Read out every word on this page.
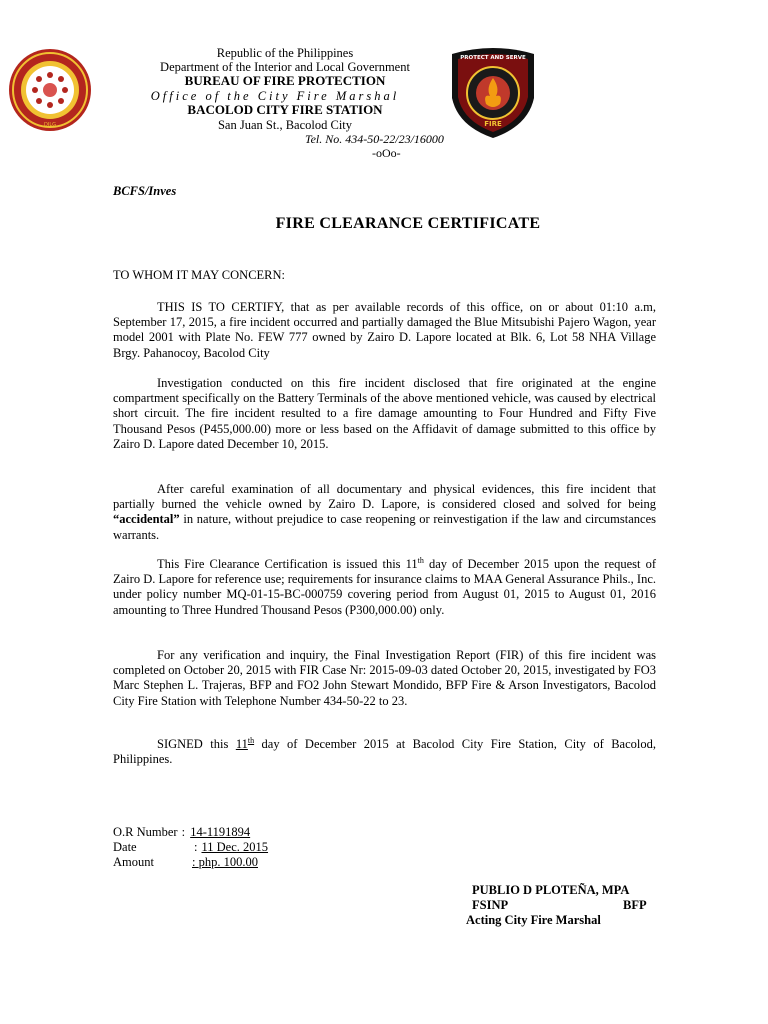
DILG
PROTECT AND SERVE
FIRE
Republic of the Philippines
Department of the Interior and Local Government
BUREAU OF FIRE PROTECTION
Office of the City Fire Marshal
BACOLOD CITY FIRE STATION
San Juan St., Bacolod City
Tel. No. 434-50-22/23/16000
-oOo-
BCFS/Inves
FIRE CLEARANCE CERTIFICATE
TO WHOM IT MAY CONCERN:

THIS IS TO CERTIFY, that as per available records of this office, on or about 01:10 a.m, September 17, 2015, a fire incident occurred and partially damaged the Blue Mitsubishi Pajero Wagon, year model 2001 with Plate No. FEW 777 owned by Zairo D. Lapore located at Blk. 6, Lot 58 NHA Village Brgy. Pahanocoy, Bacolod City

Investigation conducted on this fire incident disclosed that fire originated at the engine compartment specifically on the Battery Terminals of the above mentioned vehicle, was caused by electrical short circuit. The fire incident resulted to a fire damage amounting to Four Hundred and Fifty Five Thousand Pesos (P455,000.00) more or less based on the Affidavit of damage submitted to this office by Zairo D. Lapore dated December 10, 2015.

After careful examination of all documentary and physical evidences, this fire incident that partially burned the vehicle owned by Zairo D. Lapore, is considered closed and solved for being “accidental” in nature, without prejudice to case reopening or reinvestigation if the law and circumstances warrants.

This Fire Clearance Certification is issued this 11th day of December 2015 upon the request of Zairo D. Lapore for reference use; requirements for insurance claims to MAA General Assurance Phils., Inc. under policy number MQ-01-15-BC-000759 covering period from August 01, 2015 to August 01, 2016 amounting to Three Hundred Thousand Pesos (P300,000.00) only.

For any verification and inquiry, the Final Investigation Report (FIR) of this fire incident was completed on October 20, 2015 with FIR Case Nr: 2015-09-03 dated October 20, 2015, investigated by FO3 Marc Stephen L. Trajeras, BFP and FO2 John Stewart Mondido, BFP Fire & Arson Investigators, Bacolod City Fire Station with Telephone Number 434-50-22 to 23.

SIGNED this 11th day of December 2015 at Bacolod City Fire Station, City of Bacolod, Philippines.

O.R Number : 14-1191894
Date	: 11 Dec. 2015
Amount	: php. 100.00
PUBLIO D PLOTEÑA, MPA
FSINP	BFP
Acting City Fire Marshal
